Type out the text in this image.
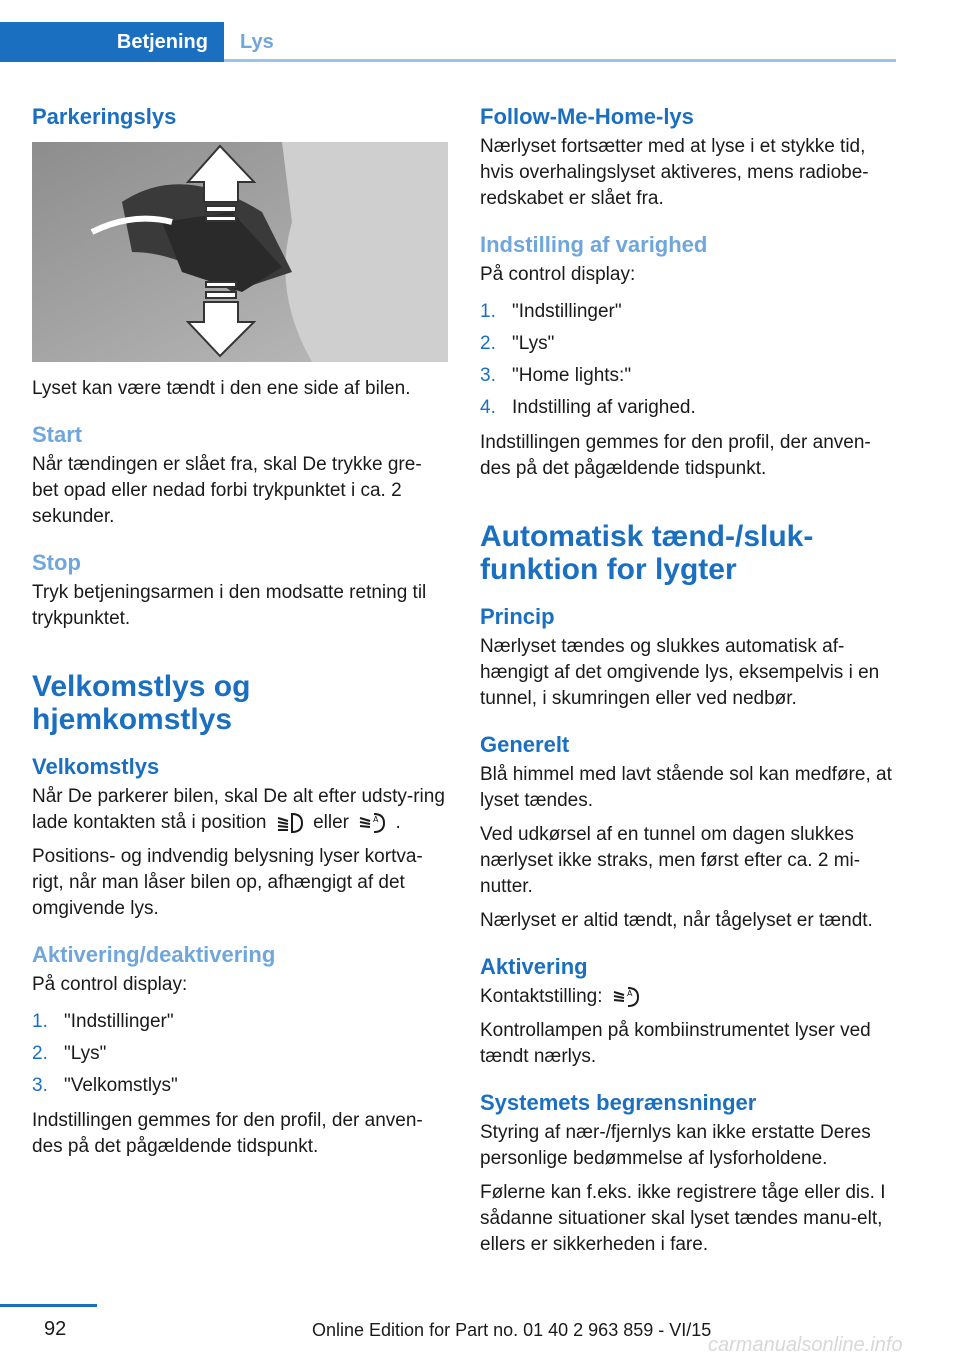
Betjening Lys
Parkeringslys

Lyset kan være tændt i den ene side af bilen.

Start

Når tændingen er slået fra, skal De trykke gre‐bet opad eller nedad forbi trykpunktet i ca. 2 sekunder.

Stop

Tryk betjeningsarmen i den modsatte retning til trykpunktet.

Velkomstlys og hjemkomstlys
Velkomstlys

Når De parkerer bilen, skal De alt efter udsty‐ring lade kontakten stå i position eller	A .

Positions- og indvendig belysning lyser kortva‐rigt, når man låser bilen op, afhængigt af det omgivende lys.

Aktivering/deaktivering

På control display:

1. "Indstillinger"
2. "Lys"
3. "Velkomstlys"

Indstillingen gemmes for den profil, der anven‐des på det pågældende tidspunkt.

Follow-Me-Home-lys

Nærlyset fortsætter med at lyse i et stykke tid, hvis overhalingslyset aktiveres, mens radiobe‐redskabet er slået fra.

Indstilling af varighed

På control display:

1. "Indstillinger"
2. "Lys"
3. "Home lights:"
4. Indstilling af varighed.

Indstillingen gemmes for den profil, der anven‐des på det pågældende tidspunkt.

Automatisk tænd-/sluk-funktion for lygter
Princip

Nærlyset tændes og slukkes automatisk af‐hængigt af det omgivende lys, eksempelvis i en tunnel, i skumringen eller ved nedbør.

Generelt

Blå himmel med lavt stående sol kan medføre, at lyset tændes.

Ved udkørsel af en tunnel om dagen slukkes nærlyset ikke straks, men først efter ca. 2 mi‐nutter.

Nærlyset er altid tændt, når tågelyset er tændt.

Aktivering

Kontaktstilling:	A

Kontrollampen på kombiinstrumentet lyser ved tændt nærlys.

Systemets begrænsninger

Styring af nær-/fjernlys kan ikke erstatte Deres personlige bedømmelse af lysforholdene.

Følerne kan f.eks. ikke registrere tåge eller dis. I sådanne situationer skal lyset tændes manu‐elt, ellers er sikkerheden i fare.

92	Online Edition for Part no. 01 40 2 963 859 - VI/15
carmanualsonline.info
